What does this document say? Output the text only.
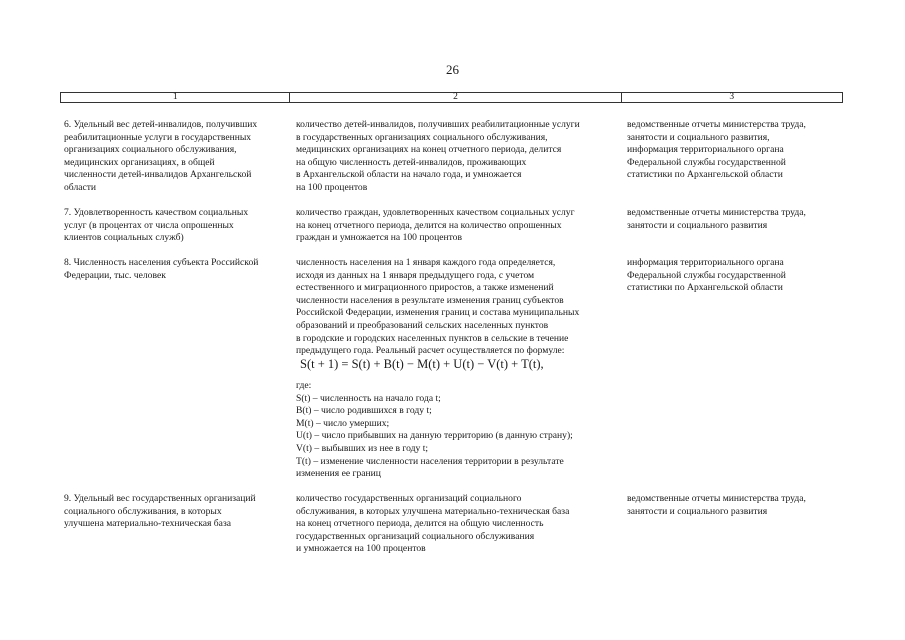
26
1	2	3
6. Удельный вес детей-инвалидов, получивших
реабилитационные услуги в государственных
организациях социального обслуживания,
медицинских организациях, в общей
численности детей-инвалидов Архангельской
области
количество детей-инвалидов, получивших реабилитационные услуги
в государственных организациях социального обслуживания,
медицинских организациях на конец отчетного периода, делится
на общую численность детей-инвалидов, проживающих
в Архангельской области на начало года, и умножается
на 100 процентов
ведомственные отчеты министерства труда,
занятости и социального развития,
информация территориального органа
Федеральной службы государственной
статистики по Архангельской области
7. Удовлетворенность качеством социальных
услуг (в процентах от числа опрошенных
клиентов социальных служб)
количество граждан, удовлетворенных качеством социальных услуг
на конец отчетного периода, делится на количество опрошенных
граждан и умножается на 100 процентов
ведомственные отчеты министерства труда,
занятости и социального развития
8. Численность населения субъекта Российской
Федерации, тыс. человек
численность населения на 1 января каждого года определяется,
исходя из данных на 1 января предыдущего года, с учетом
естественного и миграционного приростов, а также изменений
численности населения в результате изменения границ субъектов
Российской Федерации, изменения границ и состава муниципальных
образований и преобразований сельских населенных пунктов
в городские и городских населенных пунктов в сельские в течение
предыдущего года. Реальный расчет осуществляется по формуле:
информация территориального органа
Федеральной службы государственной
статистики по Архангельской области
S(t + 1) = S(t) + B(t) − M(t) + U(t) − V(t) + T(t),
где:
S(t) – численность на начало года t;
B(t) – число родившихся в году t;
M(t) – число умерших;
U(t) – число прибывших на данную территорию (в данную страну);
V(t) – выбывших из нее в году t;
T(t) – изменение численности населения территории в результате
изменения ее границ
9. Удельный вес государственных организаций
социального обслуживания, в которых
улучшена материально-техническая база
количество государственных организаций социального
обслуживания, в которых улучшена материально-техническая база
на конец отчетного периода, делится на общую численность
государственных организаций социального обслуживания
и умножается на 100 процентов
ведомственные отчеты министерства труда,
занятости и социального развития
